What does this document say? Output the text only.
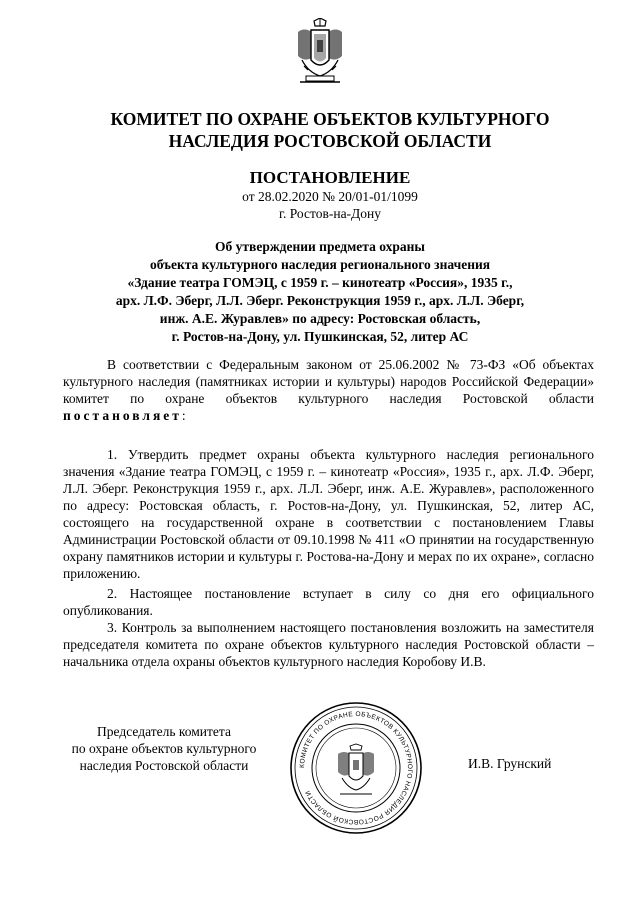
КОМИТЕТ ПО ОХРАНЕ ОБЪЕКТОВ КУЛЬТУРНОГО
НАСЛЕДИЯ РОСТОВСКОЙ ОБЛАСТИ
ПОСТАНОВЛЕНИЕ
от 28.02.2020 № 20/01-01/1099
г. Ростов-на-Дону
Об утверждении предмета охраны
объекта культурного наследия регионального значения
«Здание театра ГОМЭЦ, с 1959 г. – кинотеатр «Россия», 1935 г.,
арх. Л.Ф. Эберг, Л.Л. Эберг. Реконструкция 1959 г., арх. Л.Л. Эберг,
инж. А.Е. Журавлев» по адресу: Ростовская область,
г. Ростов-на-Дону, ул. Пушкинская, 52, литер АС
В соответствии с Федеральным законом от 25.06.2002 № 73-ФЗ «Об объектах культурного наследия (памятниках истории и культуры) народов Российской Федерации» комитет по охране объектов культурного наследия Ростовской области постановляет:
1. Утвердить предмет охраны объекта культурного наследия регионального значения «Здание театра ГОМЭЦ, с 1959 г. – кинотеатр «Россия», 1935 г., арх. Л.Ф. Эберг, Л.Л. Эберг. Реконструкция 1959 г., арх. Л.Л. Эберг, инж. А.Е. Журавлев», расположенного по адресу: Ростовская область, г. Ростов-на-Дону, ул. Пушкинская, 52, литер АС, состоящего на государственной охране в соответствии с постановлением Главы Администрации Ростовской области от 09.10.1998 № 411 «О принятии на государственную охрану памятников истории и культуры г. Ростова-на-Дону и мерах по их охране», согласно приложению.
2. Настоящее постановление вступает в силу со дня его официального опубликования.
3. Контроль за выполнением настоящего постановления возложить на заместителя председателя комитета по охране объектов культурного наследия Ростовской области – начальника отдела охраны объектов культурного наследия Коробову И.В.
Председатель комитета
по охране объектов культурного
наследия Ростовской области	КОМИТЕТ ПО ОХРАНЕ ОБЪЕКТОВ КУЛЬТУРНОГО НАСЛЕДИЯ РОСТОВСКОЙ ОБЛАСТИ
И.В. Грунский
